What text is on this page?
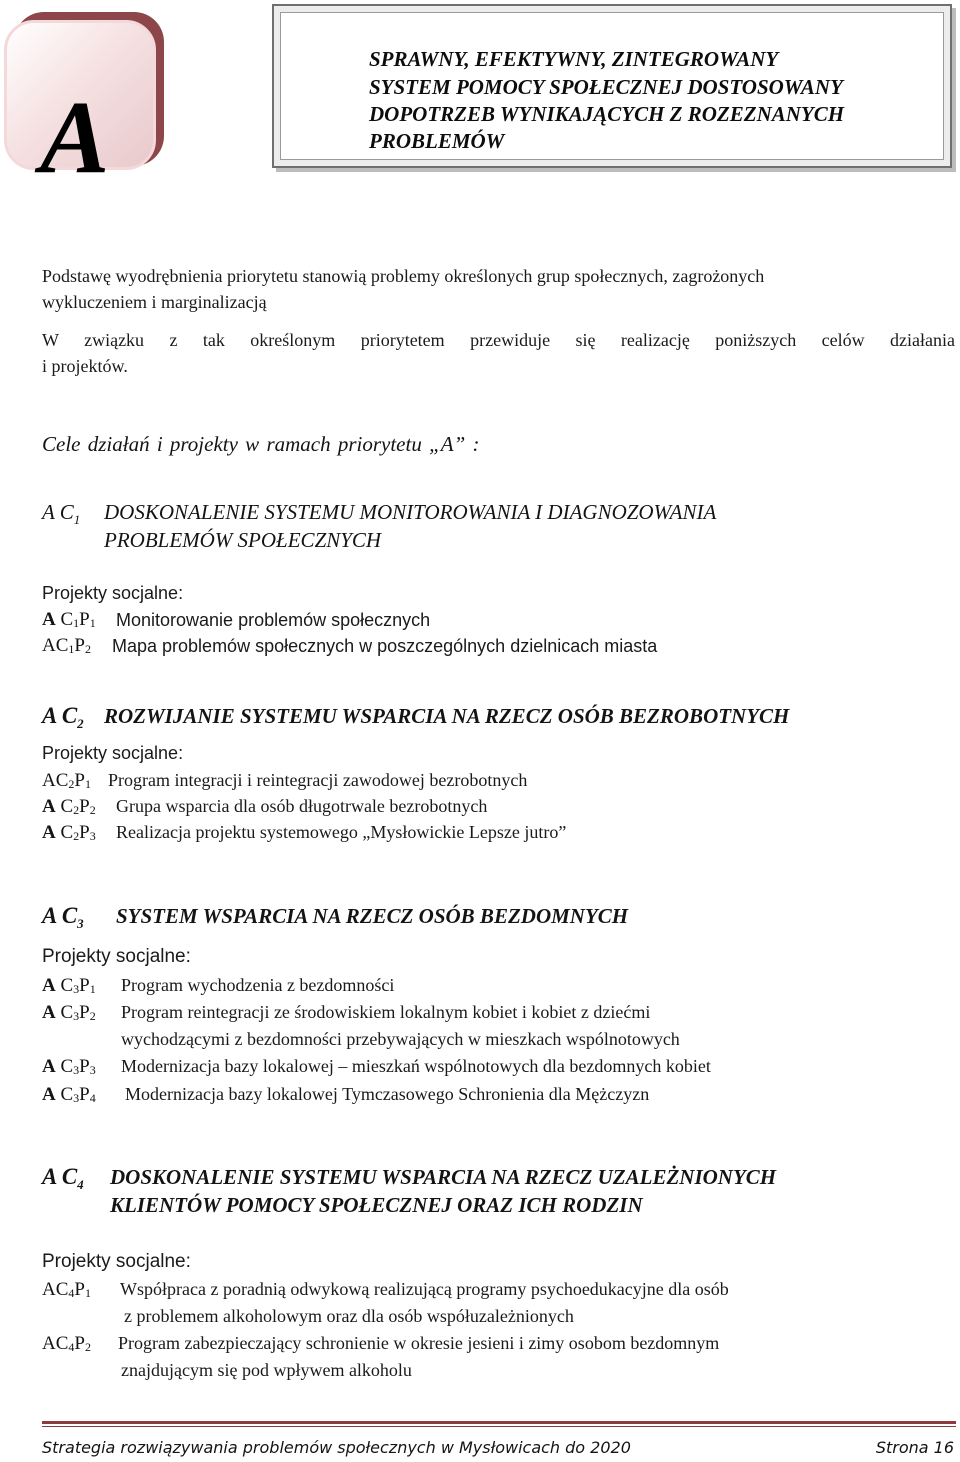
A
SPRAWNY, EFEKTYWNY, ZINTEGROWANY
SYSTEM POMOCY SPOŁECZNEJ DOSTOSOWANY
DOPOTRZEB WYNIKAJĄCYCH Z ROZEZNANYCH
PROBLEMÓW
Podstawę wyodrębnienia priorytetu stanowią problemy określonych grup społecznych, zagrożonych
wykluczeniem i marginalizacją
W związku z tak określonym priorytetem przewiduje się realizację poniższych celów działania
i projektów.
Cele działań i projekty w ramach priorytetu „A” :
A $C_1$ DOSKONALENIE SYSTEMU MONITOROWANIA I DIAGNOZOWANIA
PROBLEMÓW SPOŁECZNYCH
Projekty socjalne:
A $C_1P_1$ Monitorowanie problemów społecznych
$AC_1P_2$ Mapa problemów społecznych w poszczególnych dzielnicach miasta
A $C_2$ ROZWIJANIE SYSTEMU WSPARCIA NA RZECZ OSÓB BEZROBOTNYCH
Projekty socjalne:
$AC_2P_1$ Program integracji i reintegracji zawodowej bezrobotnych
A $C_2P_2$ Grupa wsparcia dla osób długotrwale bezrobotnych
A $C_2P_3$ Realizacja projektu systemowego „Mysłowickie Lepsze jutro”
A $C_3$ SYSTEM WSPARCIA NA RZECZ OSÓB BEZDOMNYCH
Projekty socjalne:
A $C_3P_1$ Program wychodzenia z bezdomności
A $C_3P_2$ Program reintegracji ze środowiskiem lokalnym kobiet i kobiet z dziećmi
wychodzącymi z bezdomności przebywających w mieszkach wspólnotowych
A $C_3P_3$ Modernizacja bazy lokalowej – mieszkań wspólnotowych dla bezdomnych kobiet
A $C_3P_4$ Modernizacja bazy lokalowej Tymczasowego Schronienia dla Mężczyzn
A $C_4$ DOSKONALENIE SYSTEMU WSPARCIA NA RZECZ UZALEŻNIONYCH
KLIENTÓW POMOCY SPOŁECZNEJ ORAZ ICH RODZIN
Projekty socjalne:
$AC_4P_1$ Współpraca z poradnią odwykową realizującą programy psychoedukacyjne dla osób
z problemem alkoholowym oraz dla osób współuzależnionych
$AC_4P_2$ Program zabezpieczający schronienie w okresie jesieni i zimy osobom bezdomnym
znajdującym się pod wpływem alkoholu
Strategia rozwiązywania problemów społecznych w Mysłowicach do 2020	Strona 16
